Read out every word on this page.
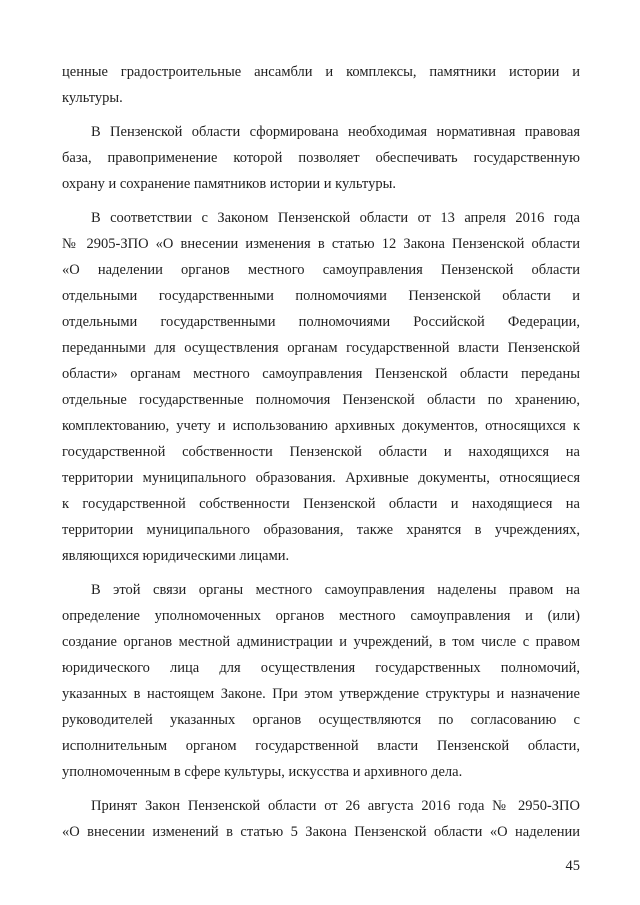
ценные градостроительные ансамбли и комплексы, памятники истории и
культуры.
В Пензенской области сформирована необходимая нормативная правовая
база, правоприменение которой позволяет обеспечивать государственную
охрану и сохранение памятников истории и культуры.
В соответствии с Законом Пензенской области от 13 апреля 2016 года
№ 2905-ЗПО «О внесении изменения в статью 12 Закона Пензенской области
«О наделении органов местного самоуправления Пензенской области
отдельными государственными полномочиями Пензенской области и
отдельными государственными полномочиями Российской Федерации,
переданными для осуществления органам государственной власти Пензенской
области» органам местного самоуправления Пензенской области переданы
отдельные государственные полномочия Пензенской области по хранению,
комплектованию, учету и использованию архивных документов, относящихся к
государственной собственности Пензенской области и находящихся на
территории муниципального образования. Архивные документы, относящиеся
к государственной собственности Пензенской области и находящиеся на
территории муниципального образования, также хранятся в учреждениях,
являющихся юридическими лицами.
В этой связи органы местного самоуправления наделены правом на
определение уполномоченных органов местного самоуправления и (или)
создание органов местной администрации и учреждений, в том числе с правом
юридического лица для осуществления государственных полномочий,
указанных в настоящем Законе. При этом утверждение структуры и назначение
руководителей указанных органов осуществляются по согласованию с
исполнительным органом государственной власти Пензенской области,
уполномоченным в сфере культуры, искусства и архивного дела.
Принят Закон Пензенской области от 26 августа 2016 года № 2950-ЗПО
«О внесении изменений в статью 5 Закона Пензенской области «О наделении
45
